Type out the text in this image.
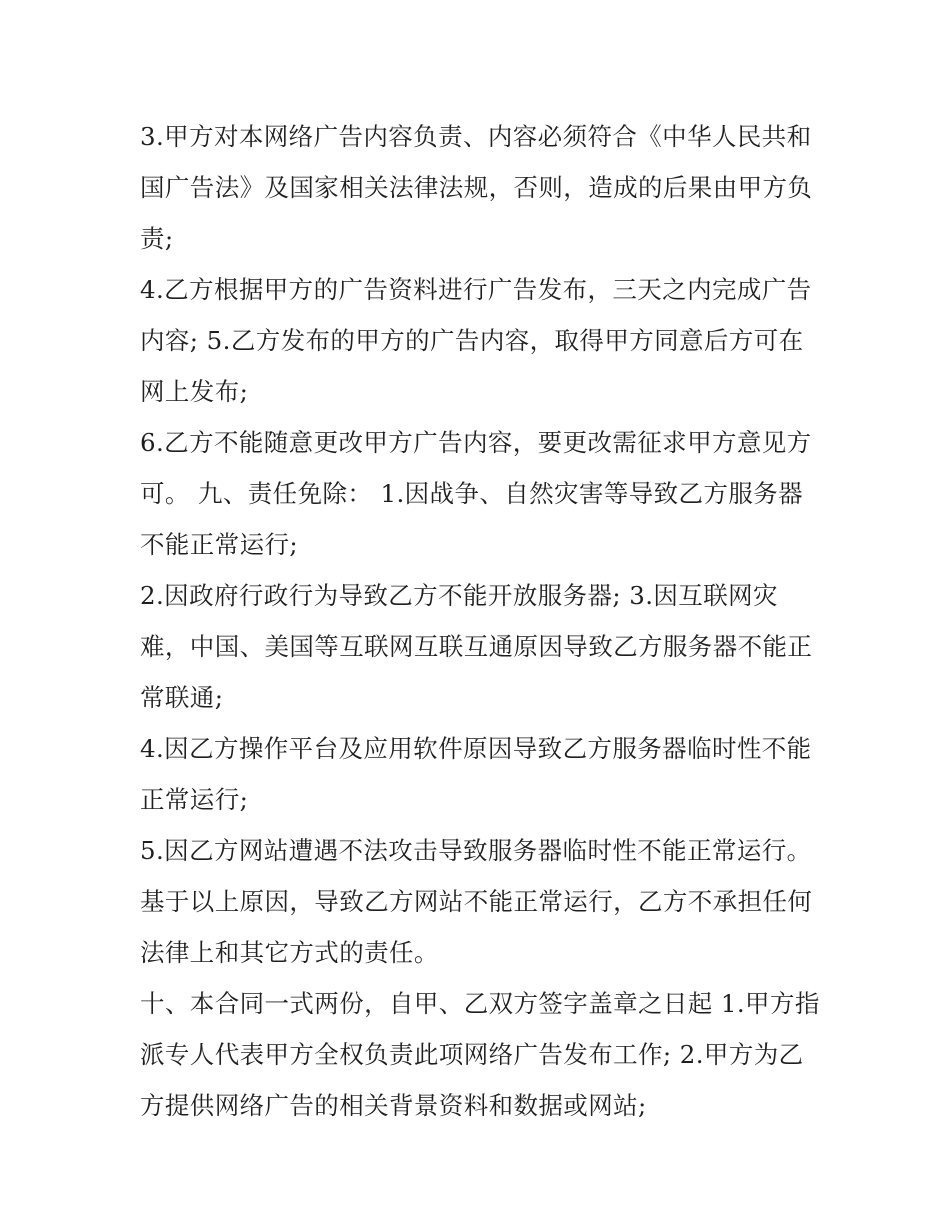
3.甲方对本网络广告内容负责、内容必须符合《中华人民共和国广告法》及国家相关法律法规，否则，造成的后果由甲方负责;

4.乙方根据甲方的广告资料进行广告发布，三天之内完成广告内容; 5.乙方发布的甲方的广告内容，取得甲方同意后方可在网上发布;

6.乙方不能随意更改甲方广告内容，要更改需征求甲方意见方可。 九、责任免除： 1.因战争、自然灾害等导致乙方服务器不能正常运行;

2.因政府行政行为导致乙方不能开放服务器; 3.因互联网灾难，中国、美国等互联网互联互通原因导致乙方服务器不能正常联通;

4.因乙方操作平台及应用软件原因导致乙方服务器临时性不能正常运行;

5.因乙方网站遭遇不法攻击导致服务器临时性不能正常运行。基于以上原因，导致乙方网站不能正常运行，乙方不承担任何法律上和其它方式的责任。

十、本合同一式两份，自甲、乙双方签字盖章之日起 1.甲方指派专人代表甲方全权负责此项网络广告发布工作; 2.甲方为乙方提供网络广告的相关背景资料和数据或网站;
